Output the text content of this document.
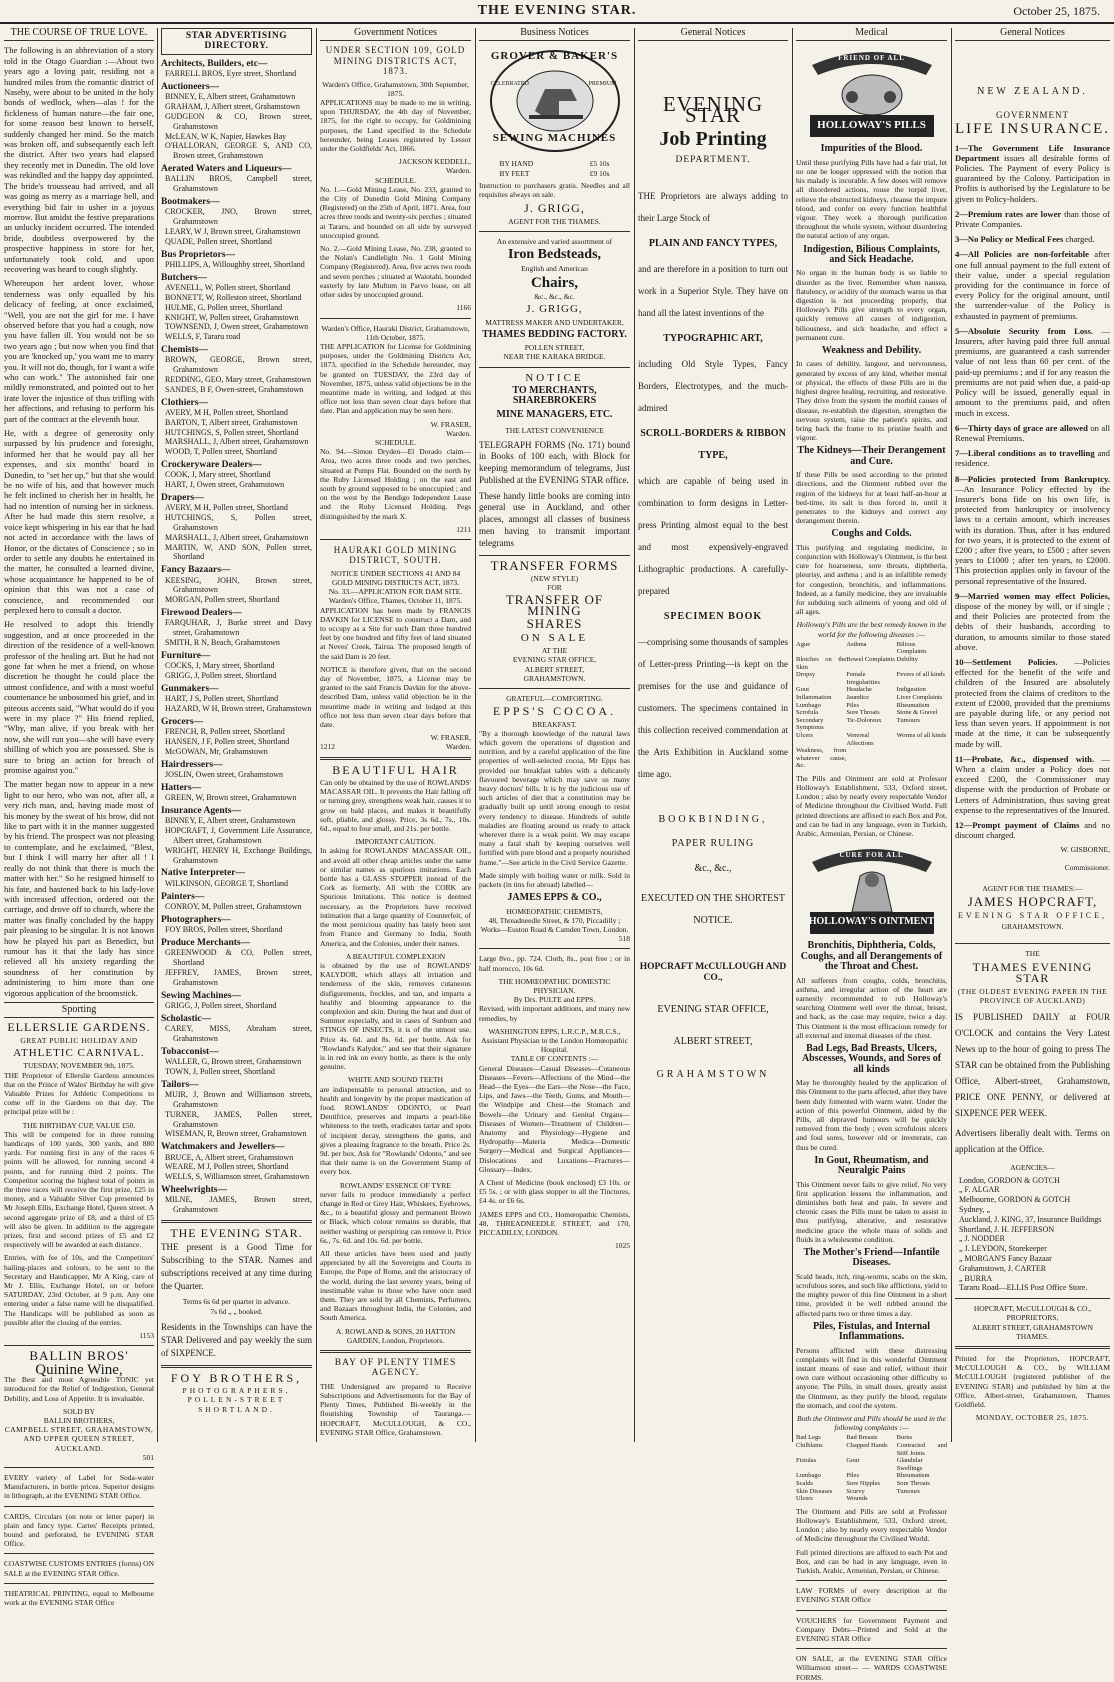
THE EVENING STAR.	October 25, 1875.
THE COURSE OF TRUE LOVE.

The following is an abbreviation of a story told in the Otago Guardian :—About two years ago a loving pair, residing not a hundred miles from the romantic district of Naseby, were about to be united in the holy bonds of wedlock, when—alas ! for the fickleness of human nature—the fair one, for some reason best known to herself, suddenly changed her mind. So the match was broken off, and subsequently each left the district. After two years had elapsed they recently met in Dunedin. The old love was rekindled and the happy day appointed. The bride's trousseau had arrived, and all was going as merry as a marriage bell, and everything bid fair to usher in a joyous morrow. But amidst the festive preparations an unlucky incident occurred. The intended bride, doubtless overpowered by the prospective happiness in store for her, unfortunately took cold, and upon recovering was heard to cough slightly.

Whereupon her ardent lover, whose tenderness was only equalled by his delicacy of feeling, at once exclaimed, "Well, you are not the girl for me. I have observed before that you had a cough, now you have fallen ill. You would not be so two years ago ; but now when you find that you are 'knocked up,' you want me to marry you. It will not do, though, for I want a wife who can work." The astonished fair one mildly remonstrated, and pointed out to her irate lover the injustice of thus trifling with her affections, and refusing to perform his part of the contract at the eleventh hour.

He, with a degree of generosity only surpassed by his prudence and foresight, informed her that he would pay all her expenses, and six months' board in Dunedin, to "set her up," but that she would be no wife of his, and that however much he felt inclined to cherish her in health, he had no intention of nursing her in sickness. After he had made this stern resolve, a voice kept whispering in his ear that he had not acted in accordance with the laws of Honor, or the dictates of Conscience ; so in order to settle any doubts he entertained in the matter, he consulted a learned divine, whose acquaintance he happened to be of opinion that this was not a case of conscience, and recommended our perplexed hero to consult a doctor.

He resolved to adopt this friendly suggestion, and at once proceeded in the direction of the residence of a well-known professor of the healing art. But he had not gone far when he met a friend, on whose discretion he thought he could place the utmost confidence, and with a most woeful countenance he unbosomed his grief, and in piteous accents said, "What would do if you were in my place ?" His friend replied, "Why, man alive, if you break with her now, she will run you—she will have every shilling of which you are possessed. She is sure to bring an action for breach of promise against you."

The matter began now to appear in a new light to our hero, who was not, after all, a very rich man, and, having made most of his money by the sweat of his brow, did not like to part with it in the manner suggested by his friend. The prospect was not pleasing to contemplate, and he exclaimed, "Blest, but I think I will marry her after all ! I really do not think that there is much the matter with her." So he resigned himself to his fate, and hastened back to his lady-love with increased affection, ordered out the carriage, and drove off to church, where the matter was finally concluded by the happy pair pleasing to be singular. It is not known how he played his part as Benedict, but rumour has it that the lady has since relieved all his anxiety regarding the soundness of her constitution by administering to him more than one vigorous application of the broomstick.

Sporting
ELLERSLIE GARDENS.
GREAT PUBLIC HOLIDAY AND
ATHLETIC CARNIVAL.
TUESDAY, NOVEMBER 9th, 1875.

THE Proprietor of Ellerslie Gardens announces that on the Prince of Wales' Birthday he will give Valuable Prizes for Athletic Competitions to come off in the Gardens on that day. The principal prize will be :

THE BIRTHDAY CUP, VALUE £50.

This will be competed for in three running handicaps of 100 yards, 300 yards, and 880 yards. For running first in any of the races 6 points will be allowed, for running second 4 points, and for running third 2 points. The Competitor scoring the highest total of points in the three races will receive the first prize, £25 in money, and a Valuable Silver Cup presented by Mr Joseph Ellis, Exchange Hotel, Queen street. A second aggregate prize of £8, and a third of £5 will also be given. In addition to the aggregate prizes, first and second prizes of £5 and £2 respectively will be awarded at each distance.

Entries, with fee of 10s, and the Competitors' hailing-places and colours, to be sent to the Secretary and Handicapper, Mr A King, care of Mr J. Ellis, Exchange Hotel, on or before SATURDAY, 23rd October, at 9 p.m. Any one entering under a false name will be disqualified. The Handicaps will be published as soon as possible after the closing of the entries.

1153
BALLIN BROS'
Quinine Wine,

The Best and most Agreeable TONIC yet introduced for the Relief of Indigestion, General Debility, and Loss of Appetite. It is invaluable.

SOLD BY
BALLIN BROTHERS,
CAMPBELL STREET, GRAHAMSTOWN, AND UPPER QUEEN STREET, AUCKLAND.
501

EVERY variety of Label for Soda-water Manufacturers, in bottle prices. Superior designs in lithograph, at the EVENING STAR Office.

CARDS, Circulars (on note or letter paper) in plain and fancy type. Cartes' Receipts printed, bound and perforated, he EVENING STAR Office.

COASTWISE CUSTOMS ENTRIES (forms) ON SALE at the EVENING STAR Office.

THEATRICAL PRINTING, equal to Melbourne work at the EVENING STAR Office

STAR ADVERTISING DIRECTORY.
Architects, Builders, etc—
FARRELL BROS, Eyre street, Shortland
Auctioneers—
BINNEY, E, Albert street, Grahamstown
GRAHAM, J, Albert street, Grahamstown
GUDGEON & CO, Brown street, Grahamstown
McLEAN, W K, Napier, Hawkes Bay
O'HALLORAN, GEORGE S, AND CO, Brown street, Grahamstown
Aerated Waters and Liqueurs—
BALLIN BROS, Campbell street, Grahamstown
Bootmakers—
CROCKER, JNO, Brown street, Grahamstown
LEARY, W J, Brown street, Grahamstown
QUADE, Pollen street, Shortland
Bus Proprietors—
PHILLIPS, A, Willoughby street, Shortland
Butchers—
AVENELL, W, Pollen street, Shortland
BONNETT, W, Rolleston street, Shortland
HULME, G, Pollen street, Shortland
KNIGHT, W, Pollen street, Grahamstown
TOWNSEND, J, Owen street, Grahamstown
WELLS, F, Tararu road
Chemists—
BROWN, GEORGE, Brown street, Grahamstown
REDDING, GEO, Mary street, Grahamstown
SANDES, B F, Owen-street, Grahamstown
Clothiers—
AVERY, M H, Pollen street, Shortland
BARTON, T, Albert street, Grahamstown
HUTCHINGS, S, Pollen street, Shortland
MARSHALL, J, Albert street, Grahamstown
WOOD, T, Pollen street, Shortland
Crockeryware Dealers—
COOK, J, Mary street, Shortland
HART, J, Owen street, Grahamstown
Drapers—
AVERY, M H, Pollen street, Shortland
HUTCHINGS, S, Pollen street, Grahamstown
MARSHALL, J, Albert street, Grahamstown
MARTIN, W, AND SON, Pollen street, Shortland
Fancy Bazaars—
KEESING, JOHN, Brown street, Grahamstown
MORGAN, Pollen street, Shortland
Firewood Dealers—
FARQUHAR, J, Burke street and Davy street, Grahamstown
SMITH, R N, Beach, Grahamstown
Furniture—
COCKS, J, Mary street, Shortland
GRIGG, J, Pollen street, Shortland
Gunmakers—
HART, J S, Pollen street, Shortland
HAZARD, W H, Brown street, Grahamstown
Grocers—
FRENCH, R, Pollen street, Shortland
HANSEN, J F, Pollen street, Shortland
McGOWAN, Mr, Grahamstown
Hairdressers—
JOSLIN, Owen street, Grahamstown
Hatters—
GREEN, W, Brown street, Grahamstown
Insurance Agents—
BINNEY, E, Albert street, Grahamstown
HOPCRAFT, J, Government Life Assurance, Albert street, Grahamstown
WRIGHT, HENRY H, Exchange Buildings, Grahamstown
Native Interpreter—
WILKINSON, GEORGE T, Shortland
Painters—
CONROY, M, Pollen street, Grahamstown
Photographers—
FOY BROS, Pollen street, Shortland
Produce Merchants—
GREENWOOD & CO, Pollen street, Shortland
JEFFREY, JAMES, Brown street, Grahamstown
Sewing Machines—
GRIGG, J, Pollen street, Shortland
Scholastic—
CAREY, MISS, Abraham street, Grahamstown
Tobacconist—
WALLER, G, Brown street, Grahamstown
TOWN, J, Pollen street, Shortland
Tailors—
MUIR, J, Brown and Williamson streets, Grahamstown
TURNER, JAMES, Pollen street, Grahamstown
WISEMAN, R, Brown street, Grahamstown
Watchmakers and Jewellers—
BRUCE, A, Albert street, Grahamstown
WEARE, M J, Pollen street, Shortland
WELLS, S, Williamson street, Grahamstown
Wheelwrights—
MILNE, JAMES, Brown street, Grahamstown
THE EVENING STAR.

THE present is a Good Time for Subscribing to the STAR. Names and subscriptions received at any time during the Quarter.

Terms 6s 6d per quarter in advance.
7s 6d „ „ booked.

Residents in the Townships can have the STAR Delivered and pay weekly the sum of SIXPENCE.

FOY BROTHERS,
PHOTOGRAPHERS,
POLLEN-STREET
SHORTLAND.
Government Notices
UNDER SECTION 109, GOLD MINING DISTRICTS ACT, 1873.
Warden's Office, Grahamstown, 30th September, 1875.

APPLICATIONS may be made to me in writing, upon THURSDAY, the 4th day of November, 1875, for the right to occupy, for Goldmining purposes, the Land specified in the Schedule hereunder, being Leases registered by Lessor under the Goldfields' Act, 1866.

JACKSON KEDDELL,
Warden.
SCHEDULE.

No. 1.—Gold Mining Lease, No. 233, granted to the City of Dunedin Gold Mining Company (Registered) on the 25th of April, 1871. Area, four acres three roods and twenty-six perches ; situated at Tararu, and bounded on all side by surveyed unoccupied ground.

No. 2.—Gold Mining Lease, No. 238, granted to the Nolan's Candlelight No. 1 Gold Mining Company (Registered). Area, five acres two roods and seven perches ; situated at Waiotahi, bounded easterly by late Multum in Parvo lease, on all other sides by unoccupied ground.

1166
Warden's Office, Hauraki District, Grahamstown, 11th October, 1875.

THE APPLICATION for License for Goldmining purposes, under the Goldmining Districts Act, 1873, specified in the Schedule hereunder, may be granted on TUESDAY, the 23rd day of November, 1875, unless valid objections be in the meantime made in writing, and lodged at this office not less than seven clear days before that date. Plan and application may be seen here.

W. FRASER,
Warden.
SCHEDULE.

No. 94.—Simon Dryden—El Dorado claim—Area, two acres three roods and two perches, situated at Pumps Flat. Bounded on the north by the Ruby Licensed Holding ; on the east and south by ground supposed to be unoccupied ; and on the west by the Bendigo Independent Lease and the Ruby Licensed Holding. Pegs distinguished by the mark X.

1211
HAURAKI GOLD MINING DISTRICT, SOUTH.
NOTICE UNDER SECTIONS 41 AND 84 GOLD MINING DISTRICTS ACT, 1873.
No. 33.—APPLICATION FOR DAM SITE.
Warden's Office, Thames, October 11, 1875.

APPLICATION has been made by FRANCIS DAVKIN for LICENSE to construct a Dam, and to occupy as a Site for such Dam three hundred feet by one hundred and fifty feet of land situated at Neves' Creek, Tairua. The proposed length of the said Dam is 20 feet.

NOTICE is therefore given, that on the second day of November, 1875, a License may be granted to the said Francis Davkin for the above-described Dam, unless valid objection be in the meantime made in writing and lodged at this office not less than seven clear days before that date.

W. FRASER,
1212	Warden.
BEAUTIFUL HAIR

Can only be obtained by the use of ROWLANDS' MACASSAR OIL. It prevents the Hair falling off or turning grey, strengthens weak hair, causes it to grow on bald places, and makes it beautifully soft, pliable, and glossy. Price, 3s 6d., 7s., 10s. 6d., equal to four small, and 21s. per bottle.

IMPORTANT CAUTION.

In asking for ROWLANDS' MACASSAR OIL, and avoid all other cheap articles under the same or similar names as spurious imitations. Each bottle has a GLASS STOPPER instead of the Cork as formerly. All with the CORK are Spurious Imitations. This notice is deemed necessary, as the Proprietors have received intimation that a large quantity of Counterfeit, of the most pernicious quality has lately been sent from France and Germany to India, South America, and the Colonies, under their names.

A BEAUTIFUL COMPLEXION

is obtained by the use of ROWLANDS' KALYDOR, which allays all irritation and tenderness of the skin, removes cutaneous disfigurements, freckles, and tan, and imparts a healthy and blooming appearance to the complexion and skin. During the heat and dust of Summer especially, and in cases of Sunburn and STINGS OF INSECTS, it is of the utmost use. Price 4s. 6d. and 8s. 6d. per bottle. Ask for "Rowland's Kalydor," and see that their signature is in red ink on every bottle, as there is the only genuine.

WHITE AND SOUND TEETH

are indispensable to personal attraction, and to health and longevity by the proper mastication of food. ROWLANDS' ODONTO, or Pearl Dentifrice, preserves and imparts a pearl-like whiteness to the teeth, eradicates tartar and spots of incipient decay, strengthens the gums, and gives a pleasing fragrance to the breath. Price 2s. 9d. per box. Ask for "Rowlands' Odonto," and see that their name is on the Government Stamp of every box.

ROWLANDS' ESSENCE OF TYRE

never fails to produce immediately a perfect change in Red or Grey Hair, Whiskers, Eyebrows, &c., to a beautiful glossy and permanent Brown or Black, which colour remains so durable, that neither washing or perspiring can remove it. Price 6s., 7s. 6d. and 10s. 6d. per bottle.

All these articles have been used and justly appreciated by all the Sovereigns and Courts in Europe, the Pope of Rome, and the aristocracy of the world, during the last seventy years, being of inestimable value to those who have once used them. They are sold by all Chemists, Perfumers, and Bazaars throughout India, the Colonies, and South America.

A. ROWLAND & SONS, 20 HATTON GARDEN, London, Proprietors.
BAY OF PLENTY TIMES AGENCY.

THE Undersigned are prepared to Receive Subscriptions and Advertisements for the Bay of Plenty Times, Published Bi-weekly in the flourishing Township of Tauranga.—HOPCRAFT, McCULLOUGH, & CO., EVENING STAR Office, Grahamstown.

Business Notices
GROVER & BAKER'S
CELEBRATED	PREMIUM
SEWING MACHINES
BY HAND	£5 10s
BY FEET	£9 10s

Instruction to purchasers gratis. Needles and all requisites always on sale.

J. GRIGG,
AGENT FOR THE THAMES.
An extensive and varied assortment of
Iron Bedsteads,
English and American
Chairs,
&c., &c., &c.
J. GRIGG,
MATTRESS MAKER AND UNDERTAKER,
THAMES BEDDING FACTORY.
POLLEN STREET,
NEAR THE KARAKA BRIDGE.
NOTICE
TO MERCHANTS, SHAREBROKERS
MINE MANAGERS, ETC.
THE LATEST CONVENIENCE

TELEGRAPH FORMS (No. 171) bound in Books of 100 each, with Block for keeping memorandum of telegrams, Just Published at the EVENING STAR office.

These handy little books are coming into general use in Auckland, and other places, amongst all classes of business men having to transmit important telegrams

TRANSFER FORMS
(NEW STYLE)
FOR
TRANSFER OF MINING
SHARES
ON SALE
AT THE
EVENING STAR OFFICE,
ALBERT STREET,
GRAHAMSTOWN.
GRATEFUL—COMFORTING.
EPPS'S COCOA.
BREAKFAST.

"By a thorough knowledge of the natural laws which govern the operations of digestion and nutrition, and by a careful application of the fine properties of well-selected cocoa, Mr Epps has provided our breakfast tables with a delicately flavoured beverage which may save us many heavy doctors' bills. It is by the judicious use of such articles of diet that a constitution may be gradually built up until strong enough to resist every tendency to disease. Hundreds of subtle maladies are floating around us ready to attack wherever there is a weak point. We may escape many a fatal shaft by keeping ourselves well fortified with pure blood and a properly nourished frame."—See article in the Civil Service Gazette.

Made simply with boiling water or milk. Sold in packets (in tins for abroad) labelled—

JAMES EPPS & CO.,
HOMŒOPATHIC CHEMISTS,
48, Threadneedle Street, & 170, Piccadilly ; Works—Euston Road & Camden Town, London.
518

Large 8vo., pp. 724. Cloth, 8s., post free ; or in half morocco, 10s 6d.

THE HOMŒOPATHIC DOMESTIC PHYSICIAN.
By Drs. PULTE and EPPS.

Revised, with important additions, and many new remedies, by

WASHINGTON EPPS, L.R.C.P., M.R.C.S.,
Assistant Physician to the London Homœopathic Hospital.
TABLE OF CONTENTS :—

General Diseases—Casual Diseases—Cutaneous Diseases—Fevers—Affections of the Mind—the Head—the Eyes—the Ears—the Nose—the Face, Lips, and Jaws—the Teeth, Gums, and Mouth—the Windpipe and Chest—the Stomach and Bowels—the Urinary and Genital Organs—Diseases of Women—Treatment of Children—Anatomy and Physiology—Hygiene and Hydropathy—Materia Medica—Domestic Surgery—Medical and Surgical Appliances—Dislocations and Luxations—Fractures—Glossary—Index.

A Chest of Medicine (book enclosed) £3 10s. or £5 5s. ; or with glass stopper to all the Tinctures, £4 4s. or £6 6s.

JAMES EPPS and CO., Homœopathic Chemists, 48, THREADNEEDLE STREET, and 170, PICCADILLY, LONDON.

1025
General Notices
EVENING STAR
Job Printing
DEPARTMENT.

THE Proprietors are always adding to their Large Stock of

PLAIN AND FANCY TYPES,

and are therefore in a position to turn out work in a Superior Style. They have on hand all the latest inventions of the

TYPOGRAPHIC ART,

including Old Style Types, Fancy Borders, Electrotypes, and the much-admired

SCROLL-BORDERS & RIBBON TYPE,

which are capable of being used in combination to form designs in Letter-press Printing almost equal to the best and most expensively-engraved Lithographic productions. A carefully-prepared

SPECIMEN BOOK

—comprising some thousands of samples of Letter-press Printing—is kept on the premises for the use and guidance of customers. The specimens contained in this collection received commendation at the Arts Exhibition in Auckland some time ago.

BOOKBINDING,
PAPER RULING
&c., &c.,
EXECUTED ON THE SHORTEST NOTICE.
HOPCRAFT McCULLOUGH AND CO.,
EVENING STAR OFFICE,
ALBERT STREET,
GRAHAMSTOWN
Medical
FRIEND OF ALL
HOLLOWAY'S PILLS
Impurities of the Blood.

Until these purifying Pills have had a fair trial, let no one be longer oppressed with the notion that his malady is incurable. A few doses will remove all disordered actions, rouse the torpid liver, relieve the obstructed kidneys, cleanse the impure blood, and confer on every function healthful vigour. They work a thorough purification throughout the whole system, without disordering the natural action of any organ.

Indigestion, Bilious Complaints, and Sick Headache.

No organ in the human body is so liable to disorder as the liver. Remember when nausea, flatulency, or acidity of the stomach warns us that digestion is not proceeding properly, that Holloway's Pills give strength to every organ, quickly remove all causes of indigestion, biliousness, and sick headache, and effect a permanent cure.

Weakness and Debility.

In cases of debility, languor, and nervousness, generated by excess of any kind, whether mental or physical, the effects of these Pills are in the highest degree healing, recruiting, and restorative. They drive from the system the morbid causes of disease, re-establish the digestion, strengthen the nervous system, raise the patient's spirits, and bring back the frame to its pristine health and vigour.

The Kidneys—Their Derangement and Cure.

If these Pills be used according to the printed directions, and the Ointment rubbed over the region of the kidneys for at least half-an-hour at bed-time, its salt is thus forced in, until it penetrates to the kidneys and correct any derangement therein.

Coughs and Colds.

This purifying and regulating medicine, in conjunction with Holloway's Ointment, is the best cure for hoarseness, sore throats, diphtheria, pleurisy, and asthma ; and is an infallible remedy for congestion, bronchitis, and inflammations. Indeed, as a family medicine, they are invaluable for subduing such ailments of young and old of all ages.

Holloway's Pills are the best remedy known in the world for the following diseases :—
Ague	Asthma	Bilious Complaints
Blotches on the Skin
Bowel Complaints Debility
Dropsy	Female Irregularities
Fevers of all kinds
Gout	Headache	Indigestion
Inflammation	Jaundice	Liver Complaints
Lumbago	Piles	Rheumatism
Scrofula	Sore Throats	Stone & Gravel
Secondary Symptoms
Tic-Doloreux	Tumours
Ulcers	Venereal Affections
Worms of all kinds
Weakness, from whatever cause, &c.

The Pills and Ointment are sold at Professor Holloway's Establishment, 533, Oxford street, London ; also by nearly every respectable Vendor of Medicine throughout the Civilised World. Full printed directions are affixed to each Box and Pot, and can be had in any language, even in Turkish, Arabic, Armenian, Persian, or Chinese.

CURE FOR ALL
HOLLOWAY'S OINTMENT
Bronchitis, Diphtheria, Colds, Coughs, and all Derangements of the Throat and Chest.

All sufferers from coughs, colds, bronchitis, asthma, and irregular action of the heart are earnestly recommended to rub Holloway's searching Ointment well over the throat, breast, and back, as the case may require, twice a day. This Ointment is the most efficacious remedy for all external and internal diseases of the chest.

Bad Legs, Bad Breasts, Ulcers, Abscesses, Wounds, and Sores of all kinds

May be thoroughly healed by the application of this Ointment to the parts affected, after they have been duly fomented with warm water. Under the action of this powerful Ointment, aided by the Pills, all depraved humours will be quickly removed from the body ; even scrofulous ulcers and foul sores, however old or inveterate, can thus be cured.

In Gout, Rheumatism, and Neuralgic Pains

This Ointment never fails to give relief. No very first application lessens the inflammation, and diminishes both heat and pain. In severe and chronic cases the Pills must be taken to assist in thus purifying, alterative, and restorative medicine grace the whole mass of solids and fluids in a wholesome condition.

The Mother's Friend—Infantile Diseases.

Scald heads, itch, ring-worms, scabs on the skin, scrofulous sores, and such like afflictions, yield to the mighty power of this fine Ointment in a short time, provided it be well rubbed around the affected parts two or three times a day.

Piles, Fistulas, and Internal Inflammations.

Persons afflicted with these distressing complaints will find in this wonderful Ointment instant means of ease and relief, without their own cure without occasioning other difficulty to anyone. The Pills, in small doses, greatly assist the Ointment, as they purify the blood, regulate the stomach, and cool the system.

Both the Ointment and Pills should be used in the following complaints :—
Bad Legs	Bad Breasts	Burns
Chilblains	Chapped Hands	Contracted and Stiff Joints
Fistulas	Gout	Glandular Swellings
Lumbago	Piles	Rheumatism
Scalds	Sore Nipples	Sore Throats
Skin Diseases	Scurvy	Tumours
Ulcers	Wounds

The Ointment and Pills are sold at Professor Holloway's Establishment, 533, Oxford street, London ; also by nearly every respectable Vendor of Medicine throughout the Civilised World.

Full printed directions are affixed to each Pot and Box, and can be had in any language, even in Turkish, Arabic, Armenian, Persian, or Chinese.

LAW FORMS of every description at the EVENING STAR Office

VOUCHERS for Government Payment and Company Debts—Printed and Sold at the EVENING STAR Office

ON SALE, at the EVENING STAR Office Williamson street— — WARDS COASTWISE FORMS.

General Notices
NEW ZEALAND.
GOVERNMENT
LIFE INSURANCE.

1—The Government Life Insurance Department issues all desirable forms of Policies. The Payment of every Policy is guaranteed by the Colony. Participation in Profits is authorised by the Legislature to be given to Policy-holders.

2—Premium rates are lower than those of Private Companies.

3—No Policy or Medical Fees charged.

4—All Policies are non-forfeitable after one full annual payment to the full extent of their value, under a special regulation providing for the continuance in force of every Policy for the original amount, until the surrender-value of the Policy is exhausted in payment of premiums.

5—Absolute Security from Loss. —Insurers, after having paid three full annual premiums, are guaranteed a cash surrender value of not less than 60 per cent. of the paid-up premiums ; and if for any reason the premiums are not paid when due, a paid-up Policy will be issued, generally equal in amount to the premiums paid, and often much in excess.

6—Thirty days of grace are allowed on all Renewal Premiums.

7—Liberal conditions as to travelling and residence.

8—Policies protected from Bankruptcy. —An Insurance Policy effected by the Insurer's bona fide on his own life, is protected from bankruptcy or insolvency laws to a certain amount, which increases with its duration. Thus, after it has endured for two years, it is protected to the extent of £200 ; after five years, to £500 ; after seven years to £1000 ; after ten years, to £2000. This protection applies only in favour of the personal representative of the Insured.

9—Married women may effect Policies, dispose of the money by will, or if single ; and their Policies are protected from the debts of their husbands, according to duration, to amounts similar to those stated above.

10—Settlement Policies. —Policies effected for the benefit of the wife and children of the Insured are absolutely protected from the claims of creditors to the extent of £2000, provided that the premiums are payable during life, or any period not less than seven years. If appointment is not made at the time, it can be subsequently made by will.

11—Probate, &c., dispensed with. —When a claim under a Policy does not exceed £200, the Commissioner may dispense with the production of Probate or Letters of Administration, thus saving great expense to the representatives of the Insured.

12—Prompt payment of Claims and no discount charged.

W. GISBORNE,
Commissioner.
AGENT FOR THE THAMES:—
JAMES HOPCRAFT,
EVENING STAR OFFICE,
GRAHAMSTOWN.
THE
THAMES EVENING STAR
(THE OLDEST EVENING PAPER IN THE PROVINCE OF AUCKLAND)

IS PUBLISHED DAILY at FOUR O'CLOCK and contains the Very Latest News up to the hour of going to press The STAR can be obtained from the Publishing Office, Albert-street, Grahamstown, PRICE ONE PENNY, or delivered at SIXPENCE PER WEEK.

Advertisers liberally dealt with. Terms on application at the Office.

AGENCIES—
London, GORDON & GOTCH
„ F. ALGAR
Melbourne, GORDON & GOTCH
Sydney, „
Auckland, J. KING, 37, Insurance Buildings
Shortland, J. H. JEFFERSON
„ J. NODDER
„ J. LEYDON, Storekeeper
„ MORGAN'S Fancy Bazaar
Grahamstown, J. CARTER
„ BURRA
Tararu Road—ELLIS Post Office Store.
HOPCRAFT, McCULLOUGH & CO.,
PROPRIETORS,
ALBERT STREET, GRAHAMSTOWN
THAMES.

Printed for the Proprietors, HOPCRAFT, McCULLOUGH & CO., by WILLIAM McCULLOUGH (registered publisher of the EVENING STAR) and published by him at the Office, Albert-street, Grahamstown, Thames Goldfield.

MONDAY, OCTOBER 25, 1875.
